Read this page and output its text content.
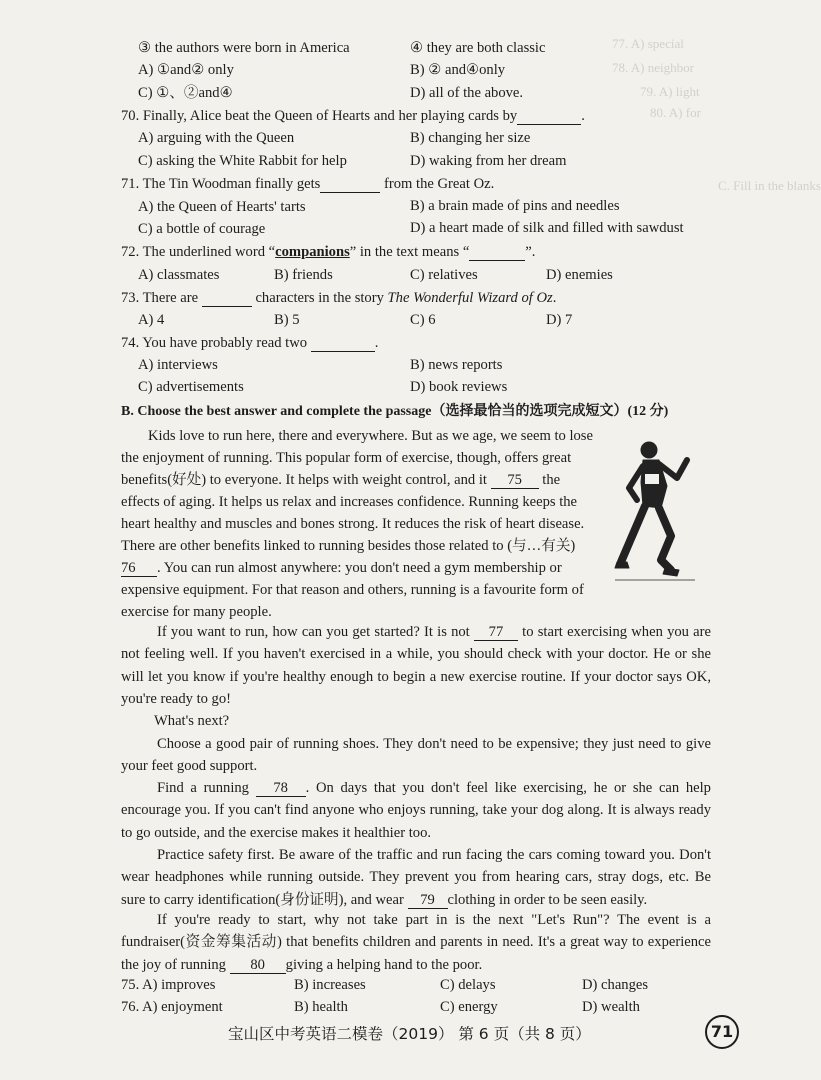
77. A) special
78. A) neighbor
79. A) light
80. A) for
C. Fill in the blanks
③ the authors were born in America	④ they are both classic
A) ①and② only	B) ② and④only
C) ①、②and④	D) all of the above.
70. Finally, Alice beat the Queen of Hearts and her playing cards by	.
A) arguing with the Queen	B) changing her size
C) asking the White Rabbit for help	D) waking from her dream
71. The Tin Woodman finally gets	from the Great Oz.
A) the Queen of Hearts' tarts	B) a brain made of pins and needles
C) a bottle of courage	D) a heart made of silk and filled with sawdust
72. The underlined word “companions” in the text means “	”.
A) classmates	B) friends	C) relatives	D) enemies
73. There are	characters in the story The Wonderful Wizard of Oz.
A) 4	B) 5	C) 6	D) 7
74. You have probably read two	.
A) interviews	B) news reports
C) advertisements	D) book reviews
B. Choose the best answer and complete the passage（选择最恰当的选项完成短文）(12 分)
Kids love to run here, there and everywhere. But as we age, we seem to lose
the enjoyment of running. This popular form of exercise, though, offers great
benefits(好处) to everyone. It helps with weight control, and it 75 the
effects of aging. It helps us relax and increases confidence. Running keeps the
heart healthy and muscles and bones strong. It reduces the risk of heart disease.
There are other benefits linked to running besides those related to (与…有关)
76 . You can run almost anywhere: you don't need a gym membership or
expensive equipment. For that reason and others, running is a favourite form of
exercise for many people.
If you want to run, how can you get started? It is not 77 to start exercising when you are not feeling well. If you haven't exercised in a while, you should check with your doctor. He or she will let you know if you're healthy enough to begin a new exercise routine. If your doctor says OK, you're ready to go!
What's next?
Choose a good pair of running shoes. They don't need to be expensive; they just need to give your feet good support.
Find a running 78 . On days that you don't feel like exercising, he or she can help encourage you. If you can't find anyone who enjoys running, take your dog along. It is always ready to go outside, and the exercise makes it healthier too.
Practice safety first. Be aware of the traffic and run facing the cars coming toward you. Don't wear headphones while running outside. They prevent you from hearing cars, stray dogs, etc. Be sure to carry identification(身份证明), and wear 79 clothing in order to be seen easily.
If you're ready to start, why not take part in is the next "Let's Run"? The event is a fundraiser(资金筹集活动) that benefits children and parents in need. It's a great way to experience the joy of running 80 giving a helping hand to the poor.
75. A) improves	B) increases	C) delays	D) changes
76. A) enjoyment	B) health	C) energy	D) wealth
宝山区中考英语二模卷（2019） 第 6 页（共 8 页）	71
